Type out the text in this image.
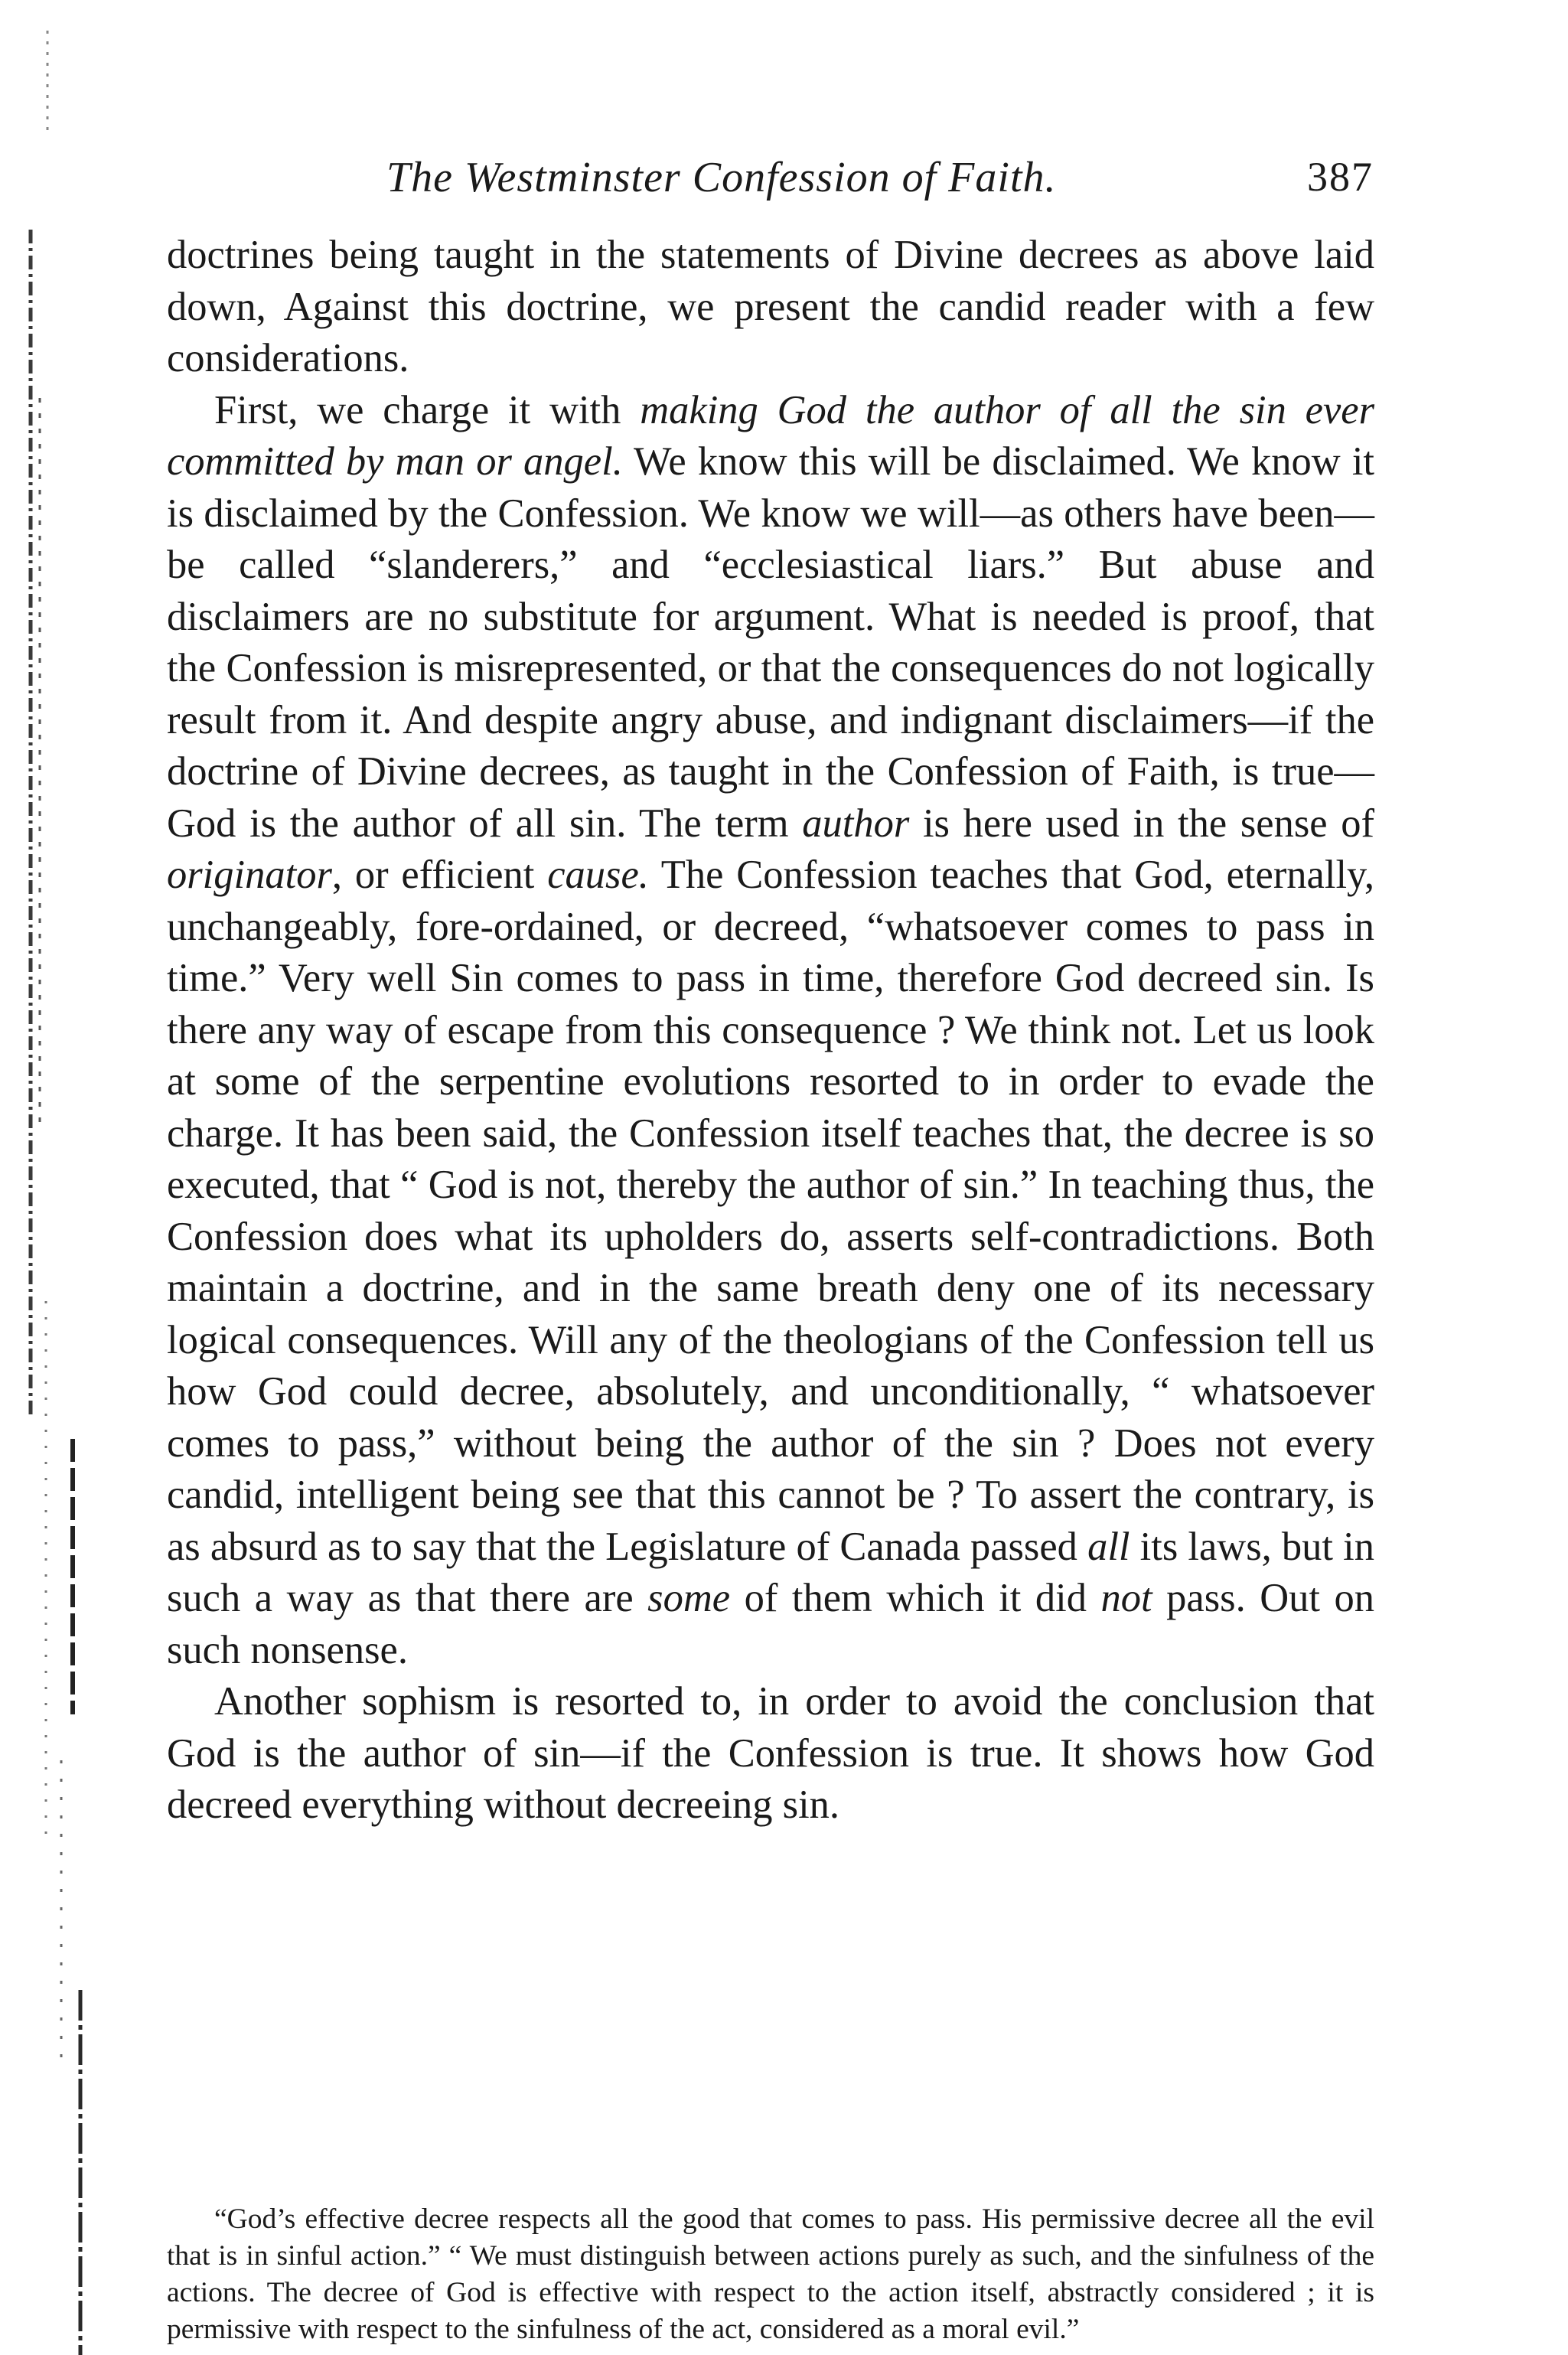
The Westminster Confession of Faith.	387

doctrines being taught in the statements of Divine decrees as above laid down, Against this doctrine, we present the candid reader with a few considerations.

First, we charge it with making God the author of all the sin ever committed by man or angel. We know this will be disclaimed. We know it is disclaimed by the Confession. We know we will—as others have been—be called “slanderers,” and “ecclesiastical liars.” But abuse and disclaimers are no substitute for argument. What is needed is proof, that the Confession is misrepresented, or that the consequences do not logically result from it. And despite angry abuse, and indignant disclaimers—if the doctrine of Divine decrees, as taught in the Confession of Faith, is true—God is the author of all sin. The term author is here used in the sense of originator, or efficient cause. The Confession teaches that God, eternally, unchangeably, fore-ordained, or decreed, “whatsoever comes to pass in time.” Very well Sin comes to pass in time, therefore God decreed sin. Is there any way of escape from this consequence ? We think not. Let us look at some of the serpentine evolutions resorted to in order to evade the charge. It has been said, the Confession itself teaches that, the decree is so executed, that “ God is not, thereby the author of sin.” In teaching thus, the Confession does what its upholders do, asserts self-contradictions. Both maintain a doctrine, and in the same breath deny one of its necessary logical consequences. Will any of the theologians of the Confession tell us how God could decree, absolutely, and unconditionally, “ whatsoever comes to pass,” without being the author of the sin ? Does not every candid, intelligent being see that this cannot be ? To assert the contrary, is as absurd as to say that the Legislature of Canada passed all its laws, but in such a way as that there are some of them which it did not pass. Out on such nonsense.

Another sophism is resorted to, in order to avoid the conclusion that God is the author of sin—if the Confession is true. It shows how God decreed everything without decreeing sin.

“God’s effective decree respects all the good that comes to pass. His permissive decree all the evil that is in sinful action.” “ We must distinguish between actions purely as such, and the sinfulness of the actions. The decree of God is effective with respect to the action itself, abstractly considered ; it is permissive with respect to the sinfulness of the act, considered as a moral evil.”
